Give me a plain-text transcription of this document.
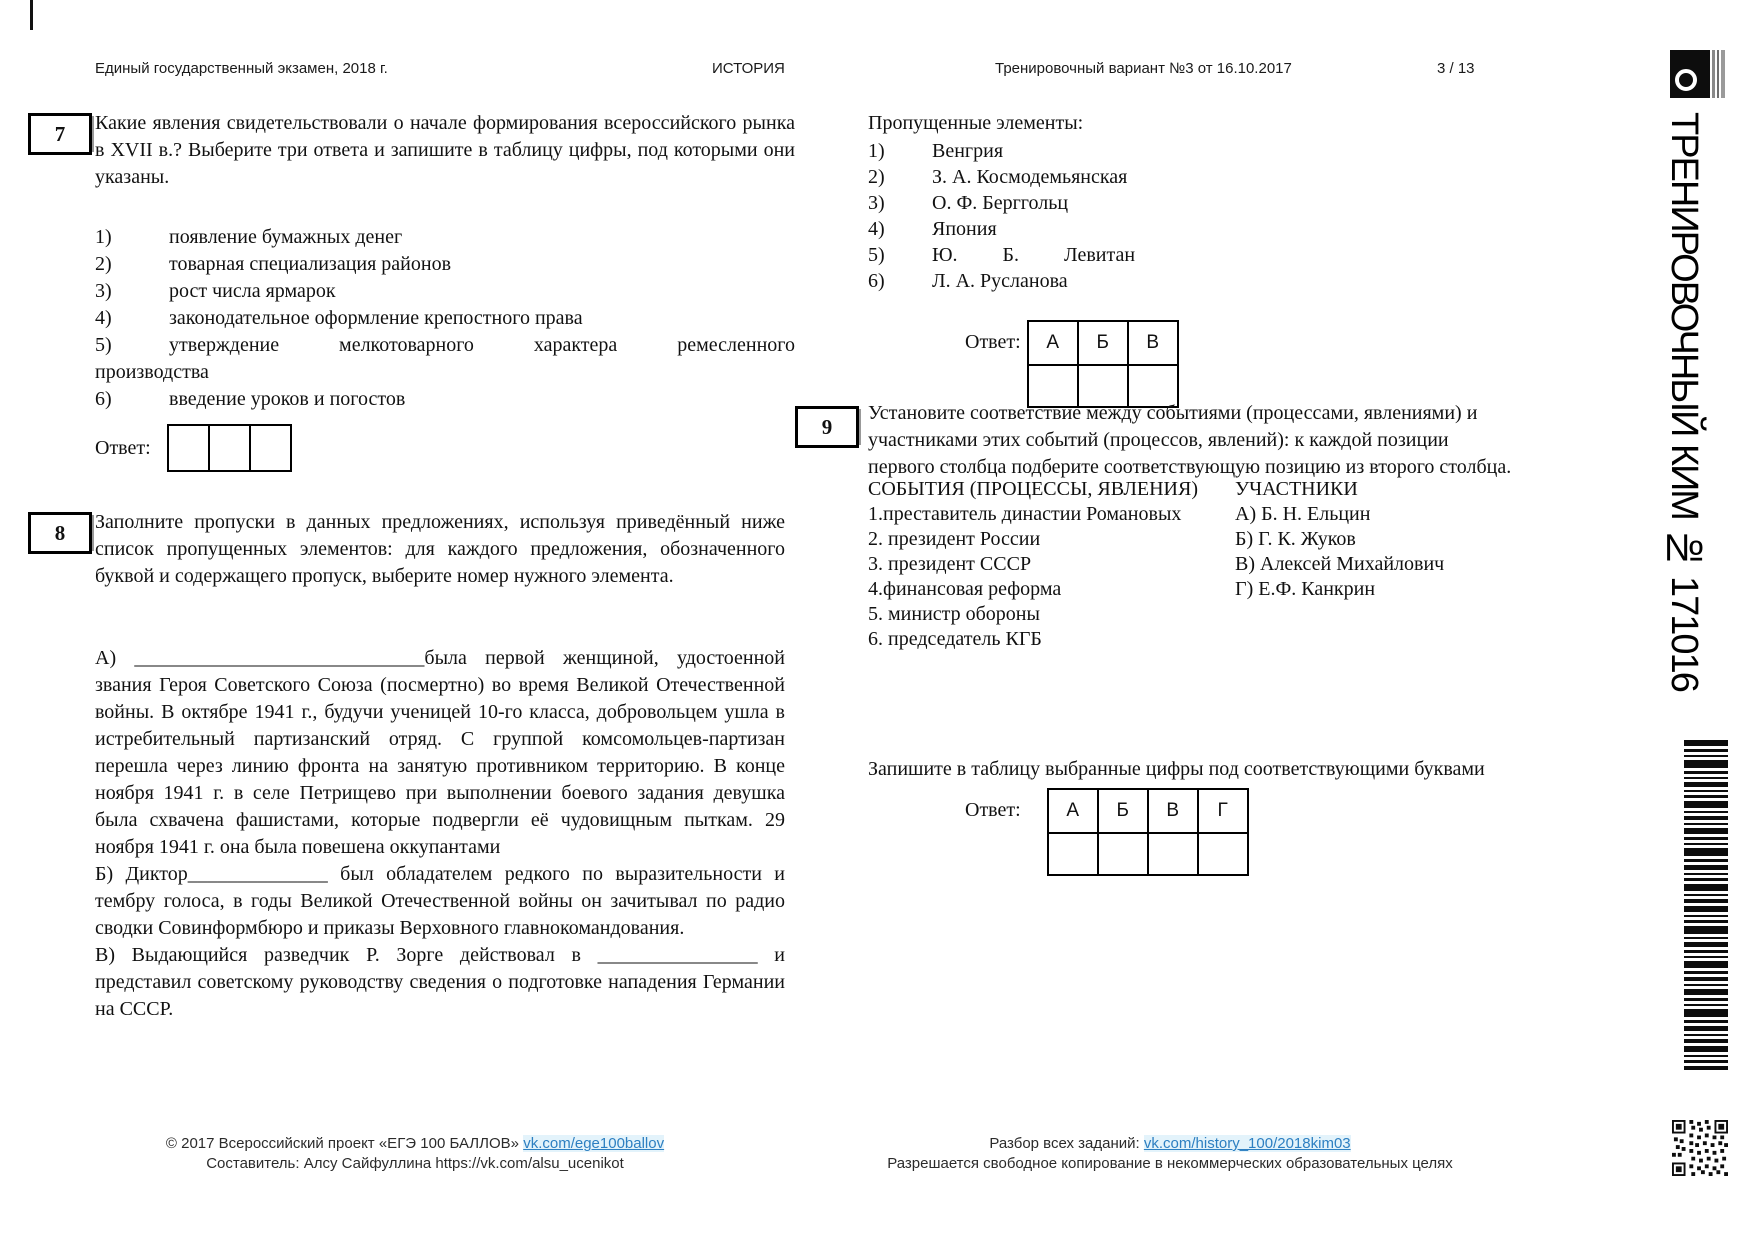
Единый государственный экзамен, 2018 г.	ИСТОРИЯ	Тренировочный вариант №3 от 16.10.2017	3 / 13
ТРЕНИРОВОЧНЫЙ КИМ № 171016
7 Какие явления свидетельствовали о начале формирования всероссийского рынка в XVII в.? Выберите три ответа и запишите в таблицу цифры, под которыми они указаны.
1)	появление бумажных денег
2)	товарная специализация районов
3)	рост числа ярмарок
4)	законодательное оформление крепостного права
5)	утверждение мелкотоварного характера ремесленного производства
6)	введение уроков и погостов
Ответ:

8 Заполните пропуски в данных предложениях, используя приведённый ниже список пропущенных элементов: для каждого предложения, обозначенного буквой и содержащего пропуск, выберите номер нужного элемента.

А) _____________________________была первой женщиной, удостоенной звания Героя Советского Союза (посмертно) во время Великой Отечественной войны. В октябре 1941 г., будучи ученицей 10-го класса, добровольцем ушла в истребительный партизанский отряд. С группой комсомольцев-партизан перешла через линию фронта на занятую противником территорию. В конце ноября 1941 г. в селе Петрищево при выполнении боевого задания девушка была схвачена фашистами, которые подвергли её чудовищным пыткам. 29 ноября 1941 г. она была повешена оккупантами

Б) Диктор______________ был обладателем редкого по выразительности и тембру голоса, в годы Великой Отечественной войны он зачитывал по радио сводки Совинформбюро и приказы Верховного главнокомандования.

В) Выдающийся разведчик Р. Зорге действовал в ________________ и представил советскому руководству сведения о подготовке нападения Германии на СССР.

Пропущенные элементы:
1) Венгрия
2) З. А. Космодемьянская
3) О. Ф. Берггольц
4) Япония
5) Ю. Б. Левитан
6) Л. А. Русланова
Ответ: А	Б	В

9
Установите соответствие между событиями (процессами, явлениями) и участниками этих событий (процессов, явлений): к каждой позиции первого столбца подберите соответствующую позицию из второго столбца.
СОБЫТИЯ (ПРОЦЕССЫ, ЯВЛЕНИЯ)
1.преставитель династии Романовых
2. президент России
3. президент СССР
4.финансовая реформа
5. министр обороны
6. председатель КГБ
УЧАСТНИКИ
А) Б. Н. Ельцин
Б) Г. К. Жуков
В) Алексей Михайлович
Г) Е.Ф. Канкрин
Запишите в таблицу выбранные цифры под соответствующими буквами
Ответ: А	Б	В	Г

© 2017 Всероссийский проект «ЕГЭ 100 БАЛЛОВ» vk.com/ege100ballov
Составитель: Алсу Сайфуллина https://vk.com/alsu_ucenikot
Разбор всех заданий: vk.com/history_100/2018kim03
Разрешается свободное копирование в некоммерческих образовательных целях
